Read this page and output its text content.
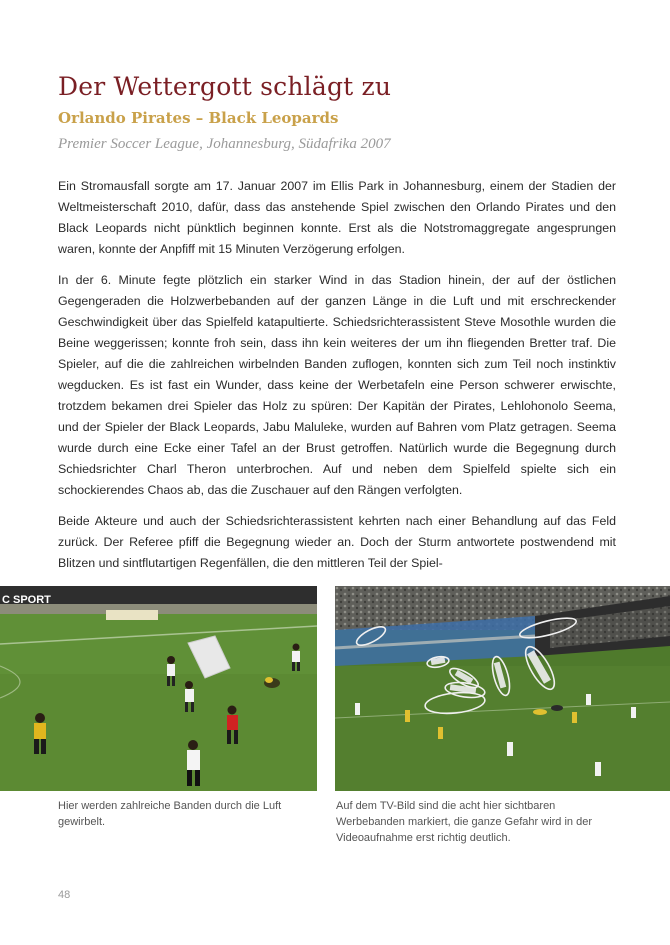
Der Wettergott schlägt zu
Orlando Pirates – Black Leopards

Premier Soccer League, Johannesburg, Südafrika 2007

Ein Stromausfall sorgte am 17. Januar 2007 im Ellis Park in Johannesburg, einem der Stadien der Weltmeisterschaft 2010, dafür, dass das anstehende Spiel zwischen den Orlando Pirates und den Black Leopards nicht pünktlich beginnen konnte. Erst als die Notstromaggregate angesprungen waren, konnte der Anpfiff mit 15 Minuten Verzögerung erfolgen.

In der 6. Minute fegte plötzlich ein starker Wind in das Stadion hinein, der auf der östlichen Gegengeraden die Holzwerbebanden auf der ganzen Länge in die Luft und mit erschreckender Geschwindigkeit über das Spielfeld katapultierte. Schiedsrichterassistent Steve Mosothle wurden die Beine weggerissen; konnte froh sein, dass ihn kein weiteres der um ihn fliegenden Bretter traf. Die Spieler, auf die die zahlreichen wirbelnden Banden zuflogen, konnten sich zum Teil noch instinktiv wegducken. Es ist fast ein Wunder, dass keine der Werbetafeln eine Person schwerer erwischte, trotzdem bekamen drei Spieler das Holz zu spüren: Der Kapitän der Pirates, Lehlohonolo Seema, und der Spieler der Black Leopards, Jabu Maluleke, wurden auf Bahren vom Platz getragen. Seema wurde durch eine Ecke einer Tafel an der Brust getroffen. Natürlich wurde die Begegnung durch Schiedsrichter Charl Theron unterbrochen. Auf und neben dem Spielfeld spielte sich ein schockierendes Chaos ab, das die Zuschauer auf den Rängen verfolgten.

Beide Akteure und auch der Schiedsrichterassistent kehrten nach einer Behandlung auf das Feld zurück. Der Referee pfiff die Begegnung wieder an. Doch der Sturm antwortete postwendend mit Blitzen und sintflutartigen Regenfällen, die den mittleren Teil der Spiel-

C SPORT

Hier werden zahlreiche Banden durch die Luft gewirbelt.

Auf dem TV-Bild sind die acht hier sichtbaren Werbebanden markiert, die ganze Gefahr wird in der Videoaufnahme erst richtig deutlich.

48
